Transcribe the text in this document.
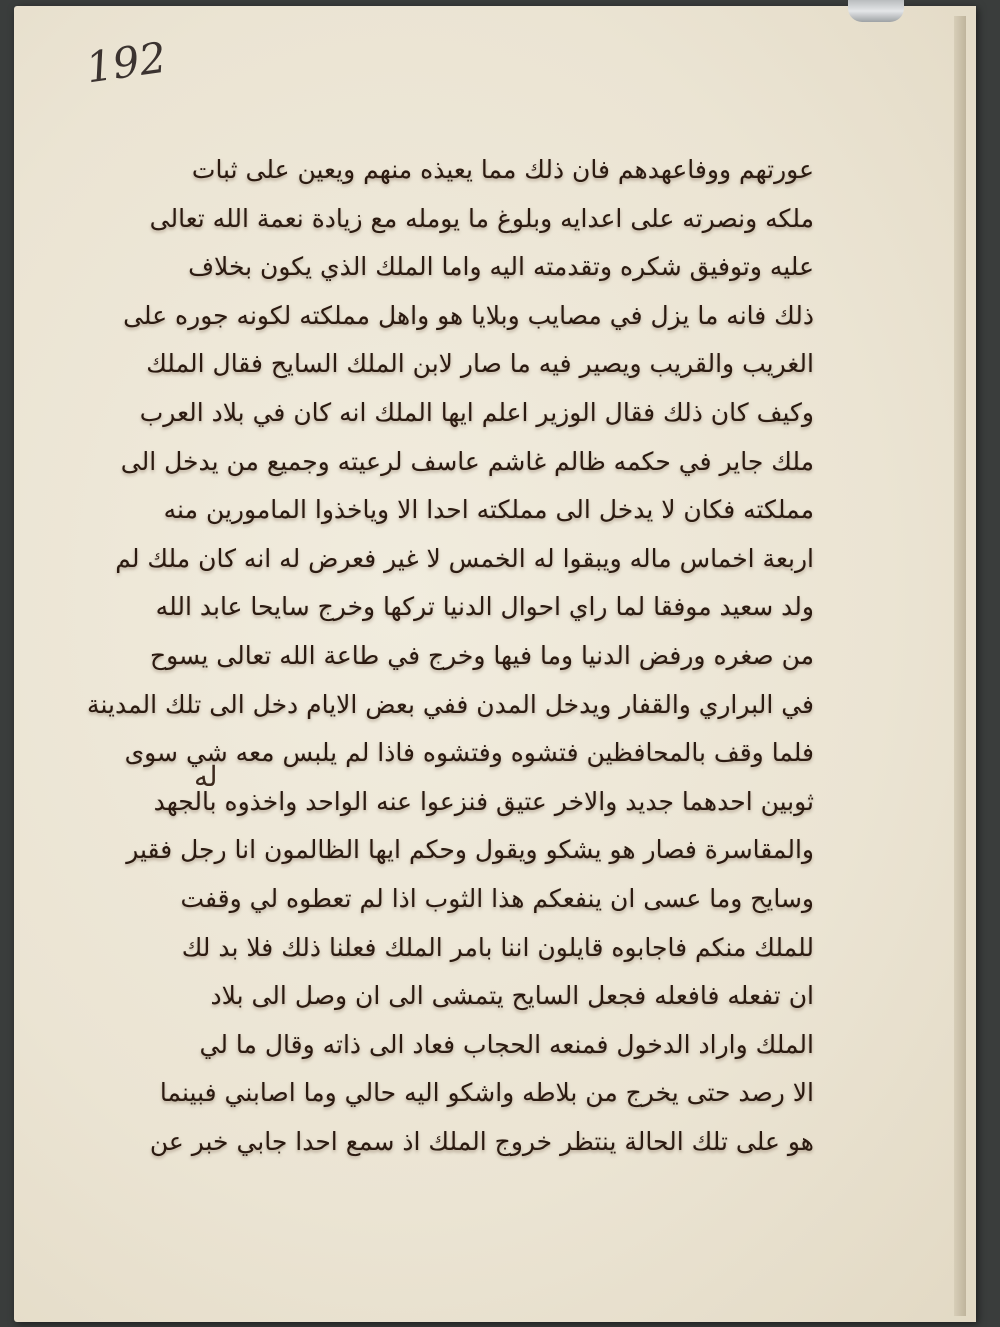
192
له
عورتهم ووفاعهدهم فان ذلك مما يعيذه منهم ويعين على ثبات
ملكه ونصرته على اعدايه وبلوغ ما يومله مع زيادة نعمة الله تعالى
عليه وتوفيق شكره وتقدمته اليه واما الملك الذي يكون بخلاف
ذلك فانه ما يزل في مصايب وبلايا هو واهل مملكته لكونه جوره على
الغريب والقريب ويصير فيه ما صار لابن الملك السايح فقال الملك
وكيف كان ذلك فقال الوزير اعلم ايها الملك انه كان في بلاد العرب
ملك جاير في حكمه ظالم غاشم عاسف لرعيته وجميع من يدخل الى
مملكته فكان لا يدخل الى مملكته احدا الا وياخذوا المامورين منه
اربعة اخماس ماله ويبقوا له الخمس لا غير فعرض له انه كان ملك لم
ولد سعيد موفقا لما راي احوال الدنيا تركها وخرج سايحا عابد الله
من صغره ورفض الدنيا وما فيها وخرج في طاعة الله تعالى يسوح
في البراري والقفار ويدخل المدن ففي بعض الايام دخل الى تلك المدينة
فلما وقف بالمحافظين فتشوه وفتشوه فاذا لم يلبس معه شي سوى
ثوبين احدهما جديد والاخر عتيق فنزعوا عنه الواحد واخذوه بالجهد
والمقاسرة فصار هو يشكو ويقول وحكم ايها الظالمون انا رجل فقير
وسايح وما عسى ان ينفعكم هذا الثوب اذا لم تعطوه لي وقفت
للملك منكم فاجابوه قايلون اننا بامر الملك فعلنا ذلك فلا بد لك
ان تفعله فافعله فجعل السايح يتمشى الى ان وصل الى بلاد
الملك واراد الدخول فمنعه الحجاب فعاد الى ذاته وقال ما لي
الا رصد حتى يخرج من بلاطه واشكو اليه حالي وما اصابني فبينما
هو على تلك الحالة ينتظر خروج الملك اذ سمع احدا جابي خبر عن
